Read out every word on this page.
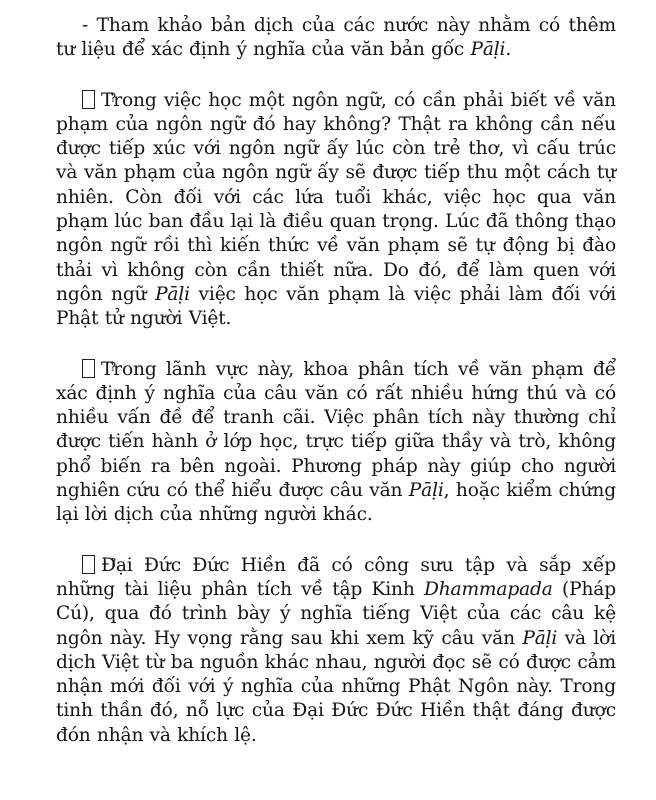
- Tham khảo bản dịch của các nước này nhằm có thêm tư liệu để xác định ý nghĩa của văn bản gốc Pāḷi.

?Trong việc học một ngôn ngữ, có cần phải biết về văn phạm của ngôn ngữ đó hay không? Thật ra không cần nếu được tiếp xúc với ngôn ngữ ấy lúc còn trẻ thơ, vì cấu trúc và văn phạm của ngôn ngữ ấy sẽ được tiếp thu một cách tự nhiên. Còn đối với các lứa tuổi khác, việc học qua văn phạm lúc ban đầu lại là điều quan trọng. Lúc đã thông thạo ngôn ngữ rồi thì kiến thức về văn phạm sẽ tự động bị đào thải vì không còn cần thiết nữa. Do đó, để làm quen với ngôn ngữ Pāḷi việc học văn phạm là việc phải làm đối với Phật tử người Việt.

?Trong lãnh vực này, khoa phân tích về văn phạm để xác định ý nghĩa của câu văn có rất nhiều hứng thú và có nhiều vấn đề để tranh cãi. Việc phân tích này thường chỉ được tiến hành ở lớp học, trực tiếp giữa thầy và trò, không phổ biến ra bên ngoài. Phương pháp này giúp cho người nghiên cứu có thể hiểu được câu văn Pāḷi, hoặc kiểm chứng lại lời dịch của những người khác.

?Đại Đức Đức Hiền đã có công sưu tập và sắp xếp những tài liệu phân tích về tập Kinh Dhammapada (Pháp Cú), qua đó trình bày ý nghĩa tiếng Việt của các câu kệ ngôn này. Hy vọng rằng sau khi xem kỹ câu văn Pāḷi và lời dịch Việt từ ba nguồn khác nhau, người đọc sẽ có được cảm nhận mới đối với ý nghĩa của những Phật Ngôn này. Trong tinh thần đó, nỗ lực của Đại Đức Đức Hiền thật đáng được đón nhận và khích lệ.
